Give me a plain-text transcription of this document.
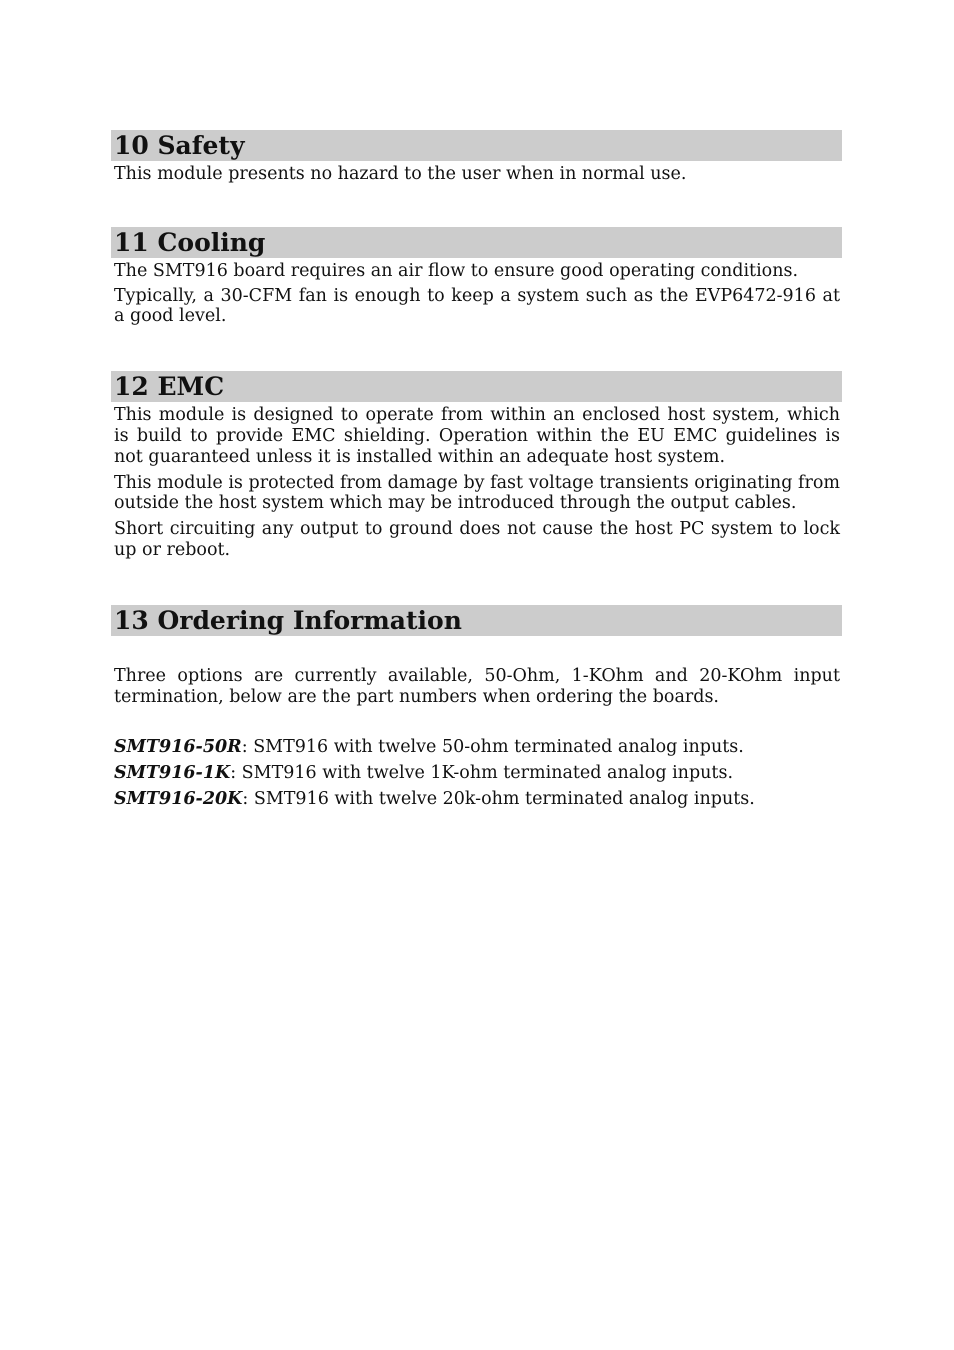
10 Safety

This module presents no hazard to the user when in normal use.

11 Cooling

The SMT916 board requires an air flow to ensure good operating conditions.

Typically, a 30-CFM fan is enough to keep a system such as the EVP6472-916 at a good level.

12 EMC

This module is designed to operate from within an enclosed host system, which is build to provide EMC shielding. Operation within the EU EMC guidelines is not guaranteed unless it is installed within an adequate host system.

This module is protected from damage by fast voltage transients originating from outside the host system which may be introduced through the output cables.

Short circuiting any output to ground does not cause the host PC system to lock up or reboot.

13 Ordering Information

Three options are currently available, 50-Ohm, 1-KOhm and 20-KOhm input termination, below are the part numbers when ordering the boards.

SMT916-50R: SMT916 with twelve 50-ohm terminated analog inputs.

SMT916-1K: SMT916 with twelve 1K-ohm terminated analog inputs.

SMT916-20K: SMT916 with twelve 20k-ohm terminated analog inputs.
